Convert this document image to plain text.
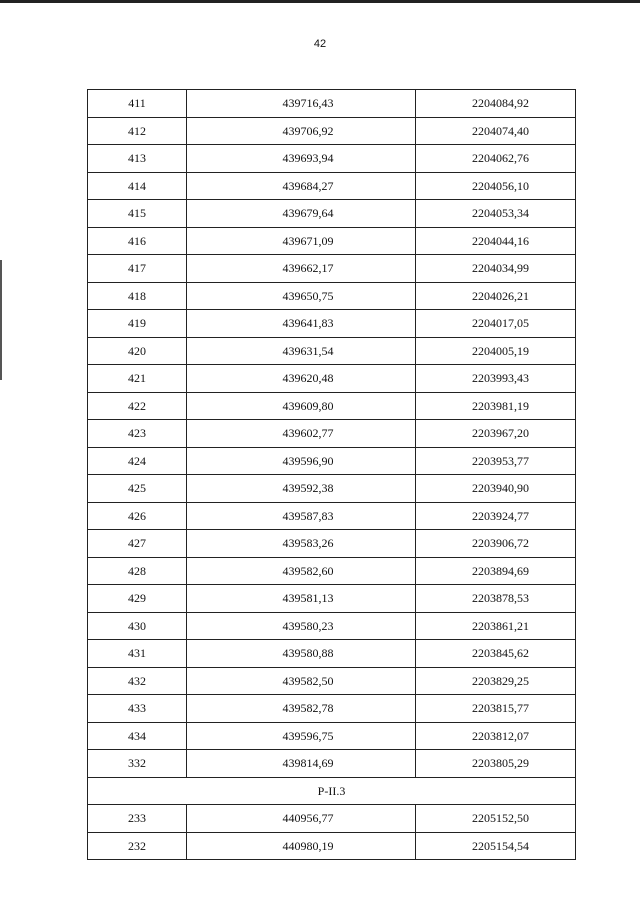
42
411	439716,43	2204084,92
412	439706,92	2204074,40
413	439693,94	2204062,76
414	439684,27	2204056,10
415	439679,64	2204053,34
416	439671,09	2204044,16
417	439662,17	2204034,99
418	439650,75	2204026,21
419	439641,83	2204017,05
420	439631,54	2204005,19
421	439620,48	2203993,43
422	439609,80	2203981,19
423	439602,77	2203967,20
424	439596,90	2203953,77
425	439592,38	2203940,90
426	439587,83	2203924,77
427	439583,26	2203906,72
428	439582,60	2203894,69
429	439581,13	2203878,53
430	439580,23	2203861,21
431	439580,88	2203845,62
432	439582,50	2203829,25
433	439582,78	2203815,77
434	439596,75	2203812,07
332	439814,69	2203805,29
Р-II.3		
233	440956,77	2205152,50
232	440980,19	2205154,54
